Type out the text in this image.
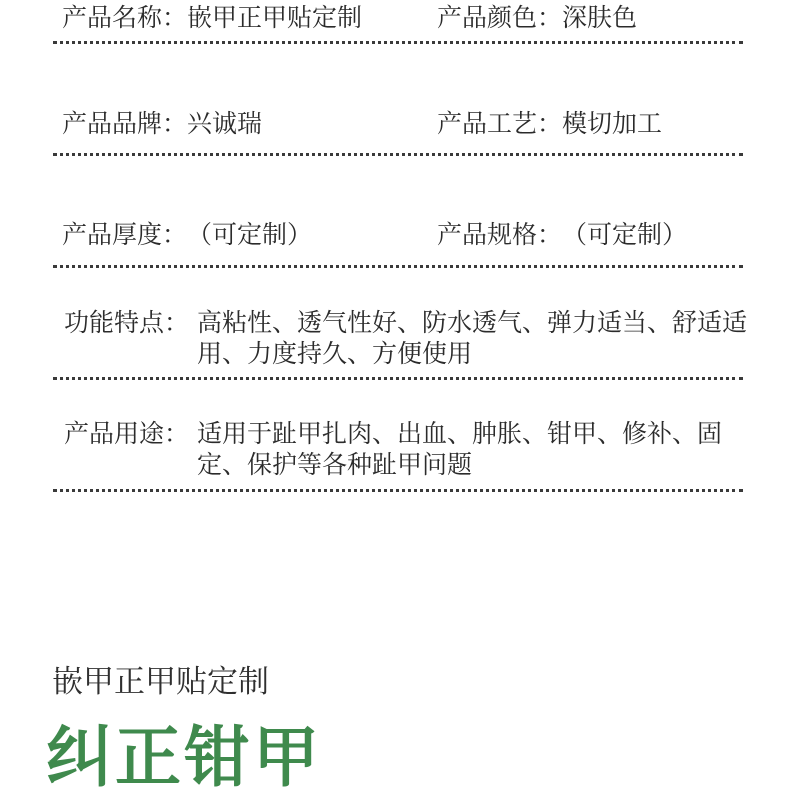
产品名称：嵌甲正甲贴定制	产品颜色：深肤色
产品品牌：兴诚瑞	产品工艺：模切加工
产品厚度：（可定制）	产品规格：（可定制）
功能特点： 高粘性、透气性好、防水透气、弹力适当、舒适适用、力度持久、方便使用
产品用途： 适用于趾甲扎肉、出血、肿胀、钳甲、修补、固定、保护等各种趾甲问题
嵌甲正甲贴定制
纠正钳甲
